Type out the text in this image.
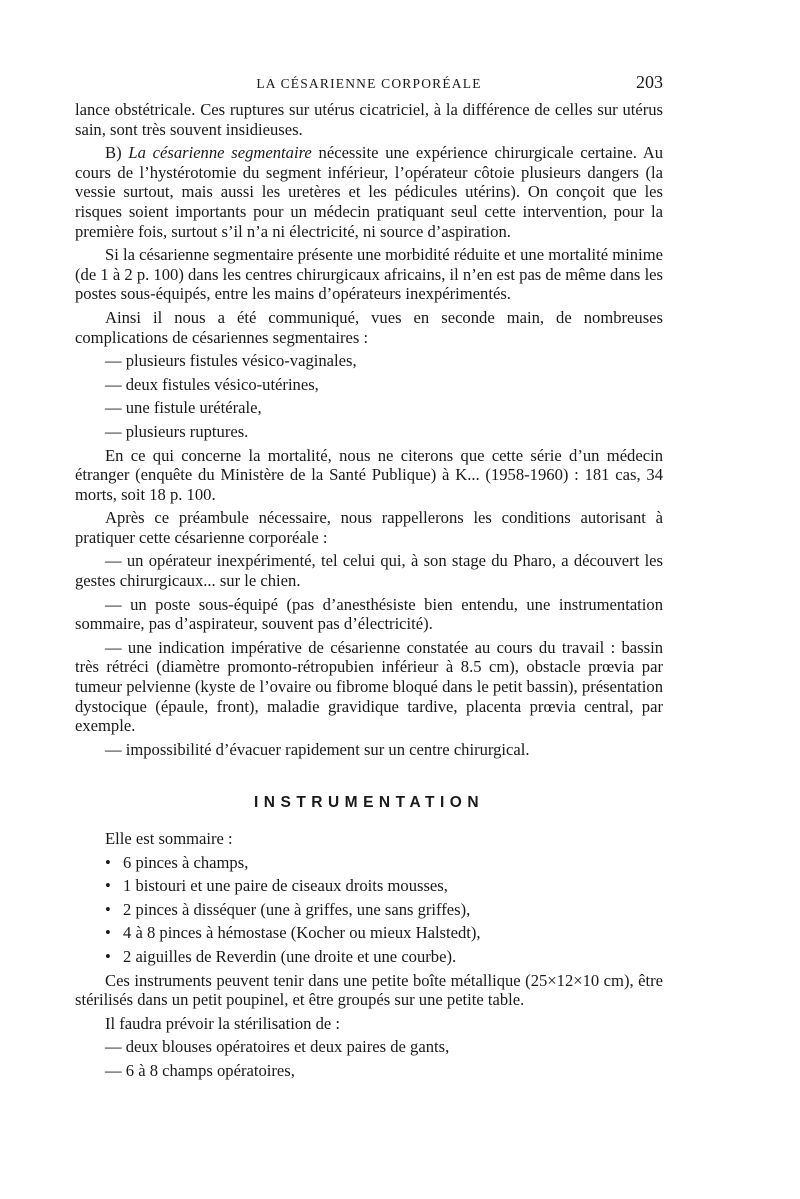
LA CÉSARIENNE CORPORÉALE	203

lance obstétricale. Ces ruptures sur utérus cicatriciel, à la différence de celles sur utérus sain, sont très souvent insidieuses.

B) La césarienne segmentaire nécessite une expérience chirurgicale certaine. Au cours de l’hystérotomie du segment inférieur, l’opérateur côtoie plusieurs dangers (la vessie surtout, mais aussi les uretères et les pédicules utérins). On conçoit que les risques soient importants pour un médecin pratiquant seul cette intervention, pour la première fois, surtout s’il n’a ni électricité, ni source d’aspiration.

Si la césarienne segmentaire présente une morbidité réduite et une mortalité minime (de 1 à 2 p. 100) dans les centres chirurgicaux africains, il n’en est pas de même dans les postes sous-équipés, entre les mains d’opérateurs inexpérimentés.

Ainsi il nous a été communiqué, vues en seconde main, de nombreuses complications de césariennes segmentaires :

— plusieurs fistules vésico-vaginales,

— deux fistules vésico-utérines,

— une fistule urétérale,

— plusieurs ruptures.

En ce qui concerne la mortalité, nous ne citerons que cette série d’un médecin étranger (enquête du Ministère de la Santé Publique) à K... (1958-1960) : 181 cas, 34 morts, soit 18 p. 100.

Après ce préambule nécessaire, nous rappellerons les conditions autorisant à pratiquer cette césarienne corporéale :

— un opérateur inexpérimenté, tel celui qui, à son stage du Pharo, a découvert les gestes chirurgicaux... sur le chien.

— un poste sous-équipé (pas d’anesthésiste bien entendu, une instrumentation sommaire, pas d’aspirateur, souvent pas d’électricité).

— une indication impérative de césarienne constatée au cours du travail : bassin très rétréci (diamètre promonto-rétropubien inférieur à 8.5 cm), obstacle prœvia par tumeur pelvienne (kyste de l’ovaire ou fibrome bloqué dans le petit bassin), présentation dystocique (épaule, front), maladie gravidique tardive, placenta prœvia central, par exemple.

— impossibilité d’évacuer rapidement sur un centre chirurgical.

INSTRUMENTATION

Elle est sommaire :

• 6 pinces à champs,

• 1 bistouri et une paire de ciseaux droits mousses,

• 2 pinces à disséquer (une à griffes, une sans griffes),

• 4 à 8 pinces à hémostase (Kocher ou mieux Halstedt),

• 2 aiguilles de Reverdin (une droite et une courbe).

Ces instruments peuvent tenir dans une petite boîte métallique (25×12×10 cm), être stérilisés dans un petit poupinel, et être groupés sur une petite table.

Il faudra prévoir la stérilisation de :

— deux blouses opératoires et deux paires de gants,

— 6 à 8 champs opératoires,
